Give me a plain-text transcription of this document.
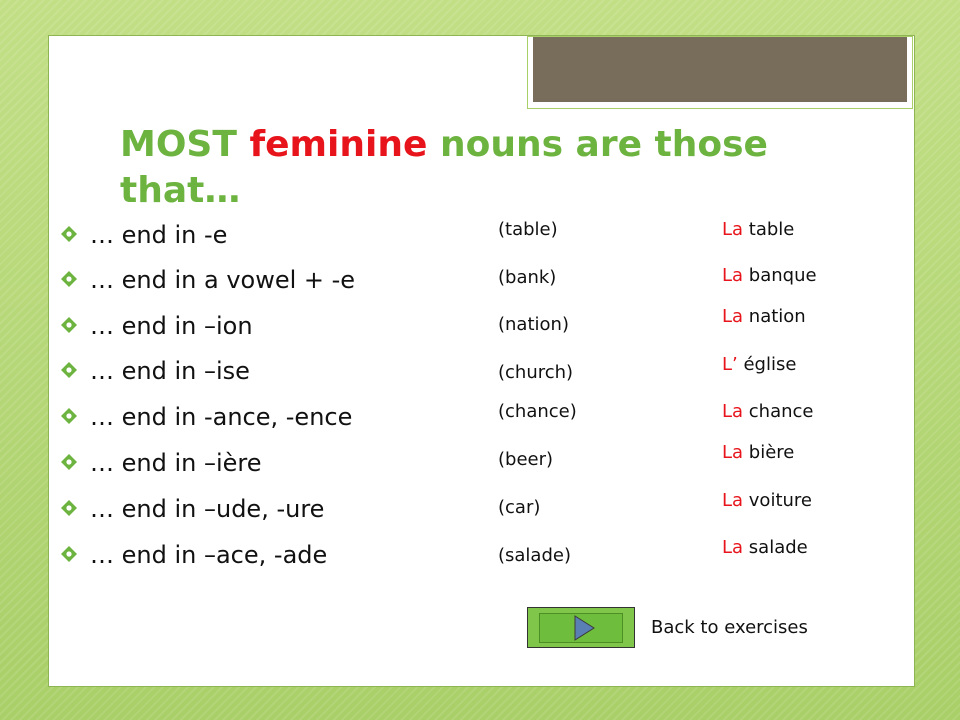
4
MOST feminine nouns are those that…
… end in -e
… end in a vowel + -e
… end in –ion
… end in –ise
… end in -ance, -ence
… end in –ière
… end in –ude, -ure
… end in –ace, -ade
(table)
(bank)
(nation)
(church)
(chance)
(beer)
(car)
(salade)
La table
La banque
La nation
L’ église
La chance
La bière
La voiture
La salade
Back to exercises
